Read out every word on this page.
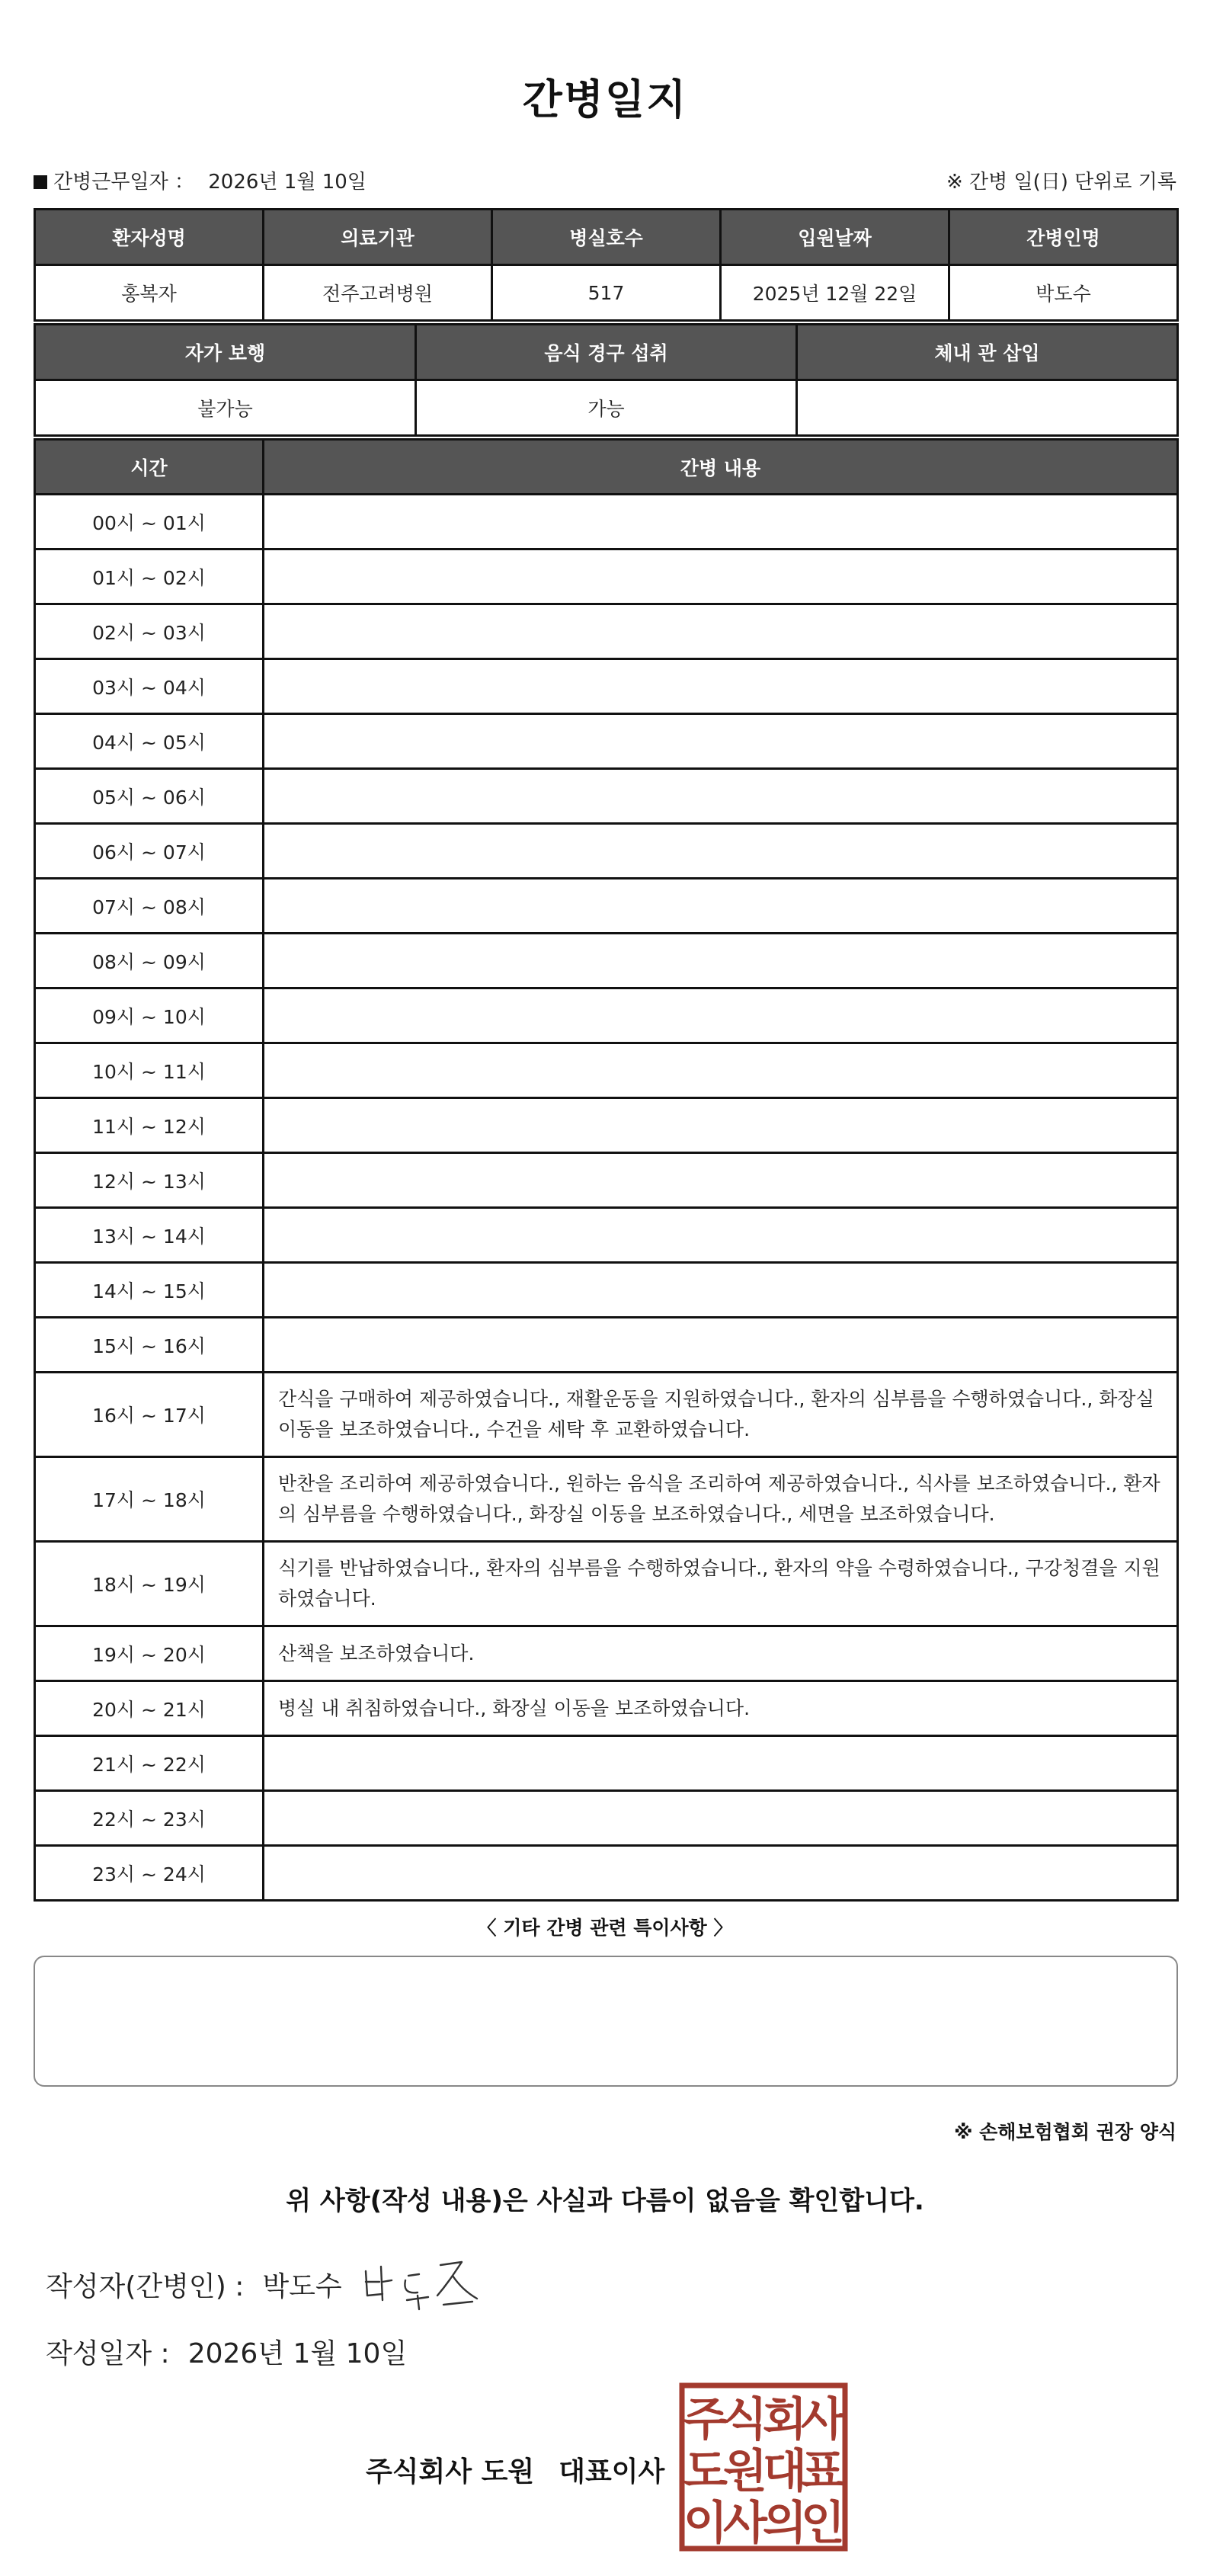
간병일지
간병근무일자 ： 2026년 1월 10일	※ 간병 일(日) 단위로 기록
환자성명	의료기관	병실호수	입원날짜	간병인명
홍복자	전주고려병원	517	2025년 12월 22일	박도수
자가 보행	음식 경구 섭취	체내 관 삽입
불가능	가능	
시간	간병 내용
00시 ~ 01시	
01시 ~ 02시	
02시 ~ 03시	
03시 ~ 04시	
04시 ~ 05시	
05시 ~ 06시	
06시 ~ 07시	
07시 ~ 08시	
08시 ~ 09시	
09시 ~ 10시	
10시 ~ 11시	
11시 ~ 12시	
12시 ~ 13시	
13시 ~ 14시	
14시 ~ 15시	
15시 ~ 16시	
16시 ~ 17시	간식을 구매하여 제공하였습니다., 재활운동을 지원하였습니다., 환자의 심부름을 수행하였습니다., 화장실 이동을 보조하였습니다., 수건을 세탁 후 교환하였습니다.
17시 ~ 18시	반찬을 조리하여 제공하였습니다., 원하는 음식을 조리하여 제공하였습니다., 식사를 보조하였습니다., 환자의 심부름을 수행하였습니다., 화장실 이동을 보조하였습니다., 세면을 보조하였습니다.
18시 ~ 19시	식기를 반납하였습니다., 환자의 심부름을 수행하였습니다., 환자의 약을 수령하였습니다., 구강청결을 지원하였습니다.
19시 ~ 20시	산책을 보조하였습니다.
20시 ~ 21시	병실 내 취침하였습니다., 화장실 이동을 보조하였습니다.
21시 ~ 22시	
22시 ~ 23시	
23시 ~ 24시	
〈 기타 간병 관련 특이사항 〉
※ 손해보험협회 권장 양식
위 사항(작성 내용)은 사실과 다름이 없음을 확인합니다.
작성자(간병인) : 박도수
작성일자 : 2026년 1월 10일
주식회사 도원 대표이사
주
식
회
사
도
원
대
표
이
사
의
인
